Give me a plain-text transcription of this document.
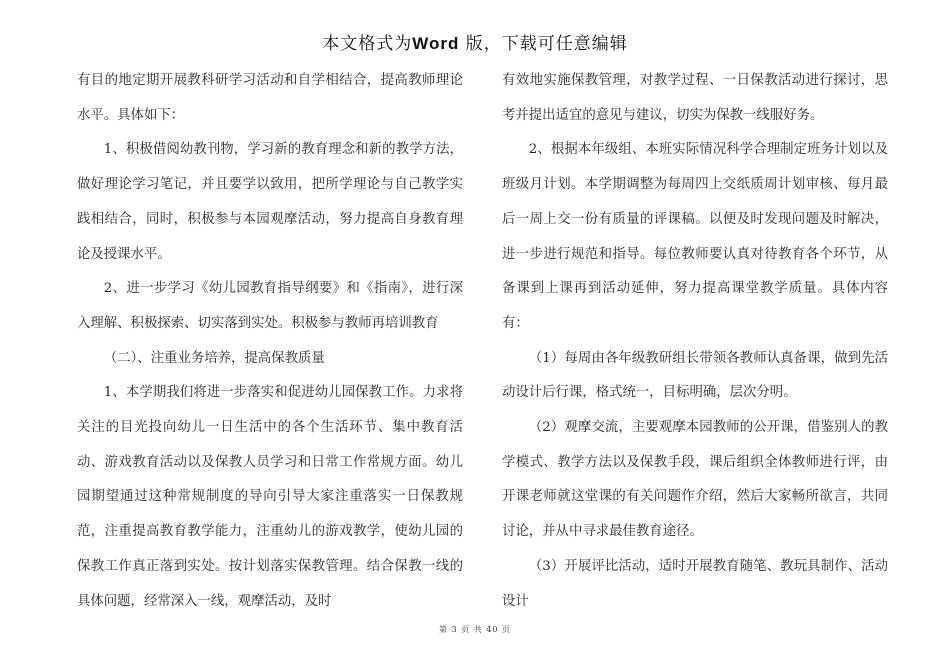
本文格式为Word 版，下载可任意编辑

有目的地定期开展教科研学习活动和自学相结合，提高教师理论水平。具体如下：

1、积极借阅幼教刊物，学习新的教育理念和新的教学方法，做好理论学习笔记，并且要学以致用，把所学理论与自己教学实践相结合，同时，积极参与本园观摩活动，努力提高自身教育理论及授课水平。

2、进一步学习《幼儿园教育指导纲要》和《指南》，进行深入理解、积极探索、切实落到实处。积极参与教师再培训教育

（二）、注重业务培养，提高保教质量

1、本学期我们将进一步落实和促进幼儿园保教工作。力求将关注的目光投向幼儿一日生活中的各个生活环节、集中教育活动、游戏教育活动以及保教人员学习和日常工作常规方面。幼儿园期望通过这种常规制度的导向引导大家注重落实一日保教规范，注重提高教育教学能力，注重幼儿的游戏教学，使幼儿园的保教工作真正落到实处。按计划落实保教管理。结合保教一线的具体问题，经常深入一线，观摩活动，及时

有效地实施保教管理，对教学过程、一日保教活动进行探讨，思考并提出适宜的意见与建议，切实为保教一线服好务。

2、根据本年级组、本班实际情况科学合理制定班务计划以及班级月计划。本学期调整为每周四上交纸质周计划审核、每月最后一周上交一份有质量的评课稿。以便及时发现问题及时解决，进一步进行规范和指导。每位教师要认真对待教育各个环节，从备课到上课再到活动延伸，努力提高课堂教学质量。具体内容有：

（1）每周由各年级教研组长带领各教师认真备课，做到先活动设计后行课，格式统一，目标明确，层次分明。

（2）观摩交流，主要观摩本园教师的公开课，借鉴别人的教学模式、教学方法以及保教手段，课后组织全体教师进行评，由开课老师就这堂课的有关问题作介绍，然后大家畅所欲言，共同讨论，并从中寻求最佳教育途径。

（3）开展评比活动，适时开展教育随笔、教玩具制作、活动设计

第 3 页 共 40 页
